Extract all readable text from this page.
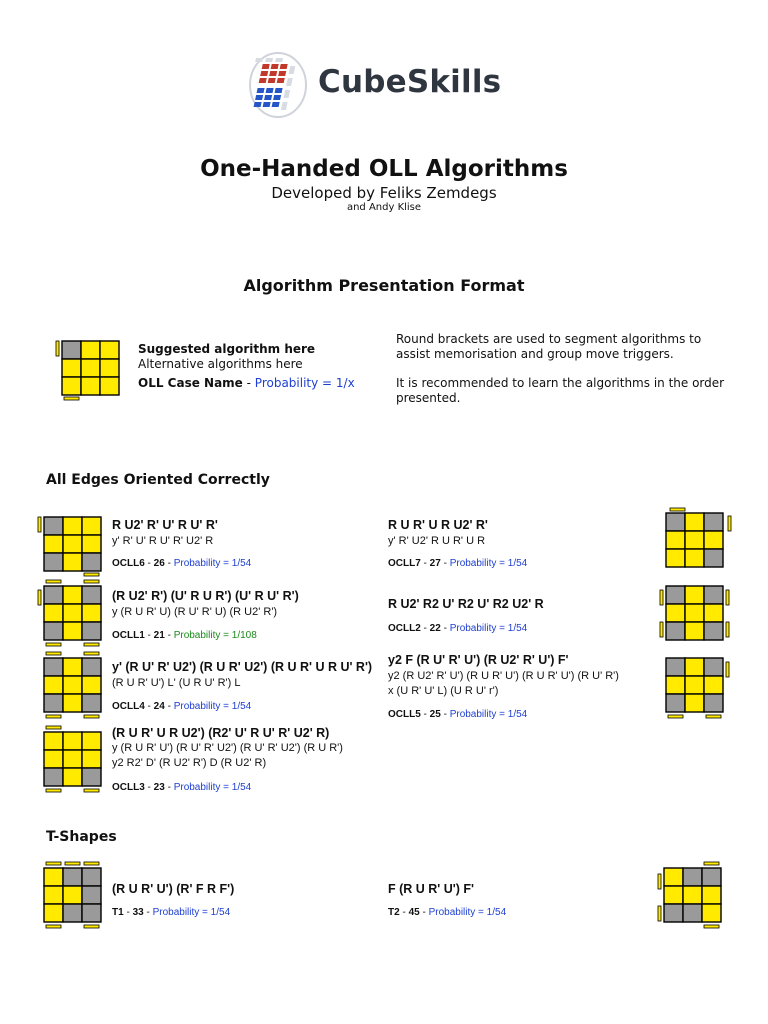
CubeSkills
One-Handed OLL Algorithms
Developed by Feliks Zemdegs
and Andy Klise
Algorithm Presentation Format
Suggested algorithm here
Alternative algorithms here
OLL Case Name - Probability = 1/x
Round brackets are used to segment algorithms to assist memorisation and group move triggers.
It is recommended to learn the algorithms in the order presented.
All Edges Oriented Correctly
R U2' R' U' R U' R'
y' R' U' R U' R' U2' R
OCLL6 - 26 - Probability = 1/54
R U R' U R U2' R'
y' R' U2' R U R' U R
OCLL7 - 27 - Probability = 1/54
(R U2' R') (U' R U R') (U' R U' R')
y (R U R' U) (R U' R' U) (R U2' R')
OCLL1 - 21 - Probability = 1/108
R U2' R2 U' R2 U' R2 U2' R
OCLL2 - 22 - Probability = 1/54
y' (R U' R' U2') (R U R' U2') (R U R' U R U' R')
(R U R' U') L' (U R U' R') L
OCLL4 - 24 - Probability = 1/54
y2 F (R U' R' U') (R U2' R' U') F'
y2 (R U2' R' U') (R U R' U') (R U R' U') (R U' R')
x (U R' U' L) (U R U' r')
OCLL5 - 25 - Probability = 1/54
(R U R' U R U2') (R2' U' R U' R' U2' R)
y (R U R' U') (R U' R' U2') (R U' R' U2') (R U R')
y2 R2' D' (R U2' R') D (R U2' R)
OCLL3 - 23 - Probability = 1/54
T-Shapes
(R U R' U') (R' F R F')
T1 - 33 - Probability = 1/54
F (R U R' U') F'
T2 - 45 - Probability = 1/54
